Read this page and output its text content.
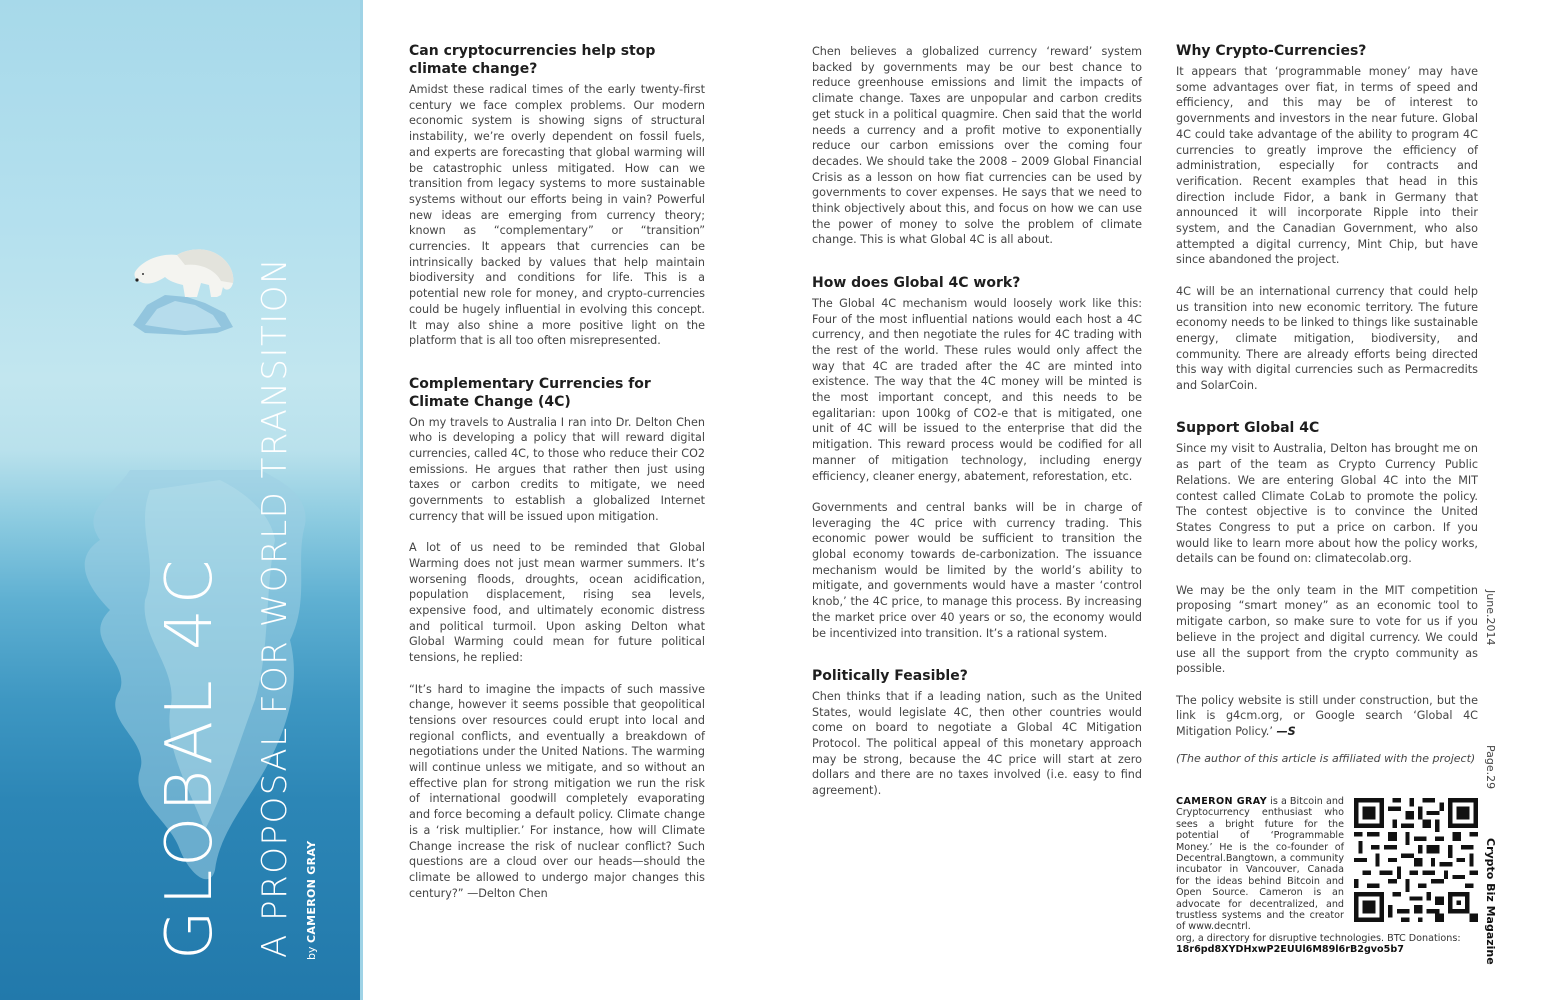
GLOBAL 4C A PROPOSAL FOR WORLD TRANSITION by CAMERON GRAY
Can cryptocurrencies help stop climate change?

Amidst these radical times of the early twenty-first century we face complex problems. Our modern economic system is showing signs of structural instability, we’re overly dependent on fossil fuels, and experts are forecasting that global warming will be catastrophic unless mitigated. How can we transition from legacy systems to more sustainable systems without our efforts being in vain? Powerful new ideas are emerging from currency theory; known as “complementary” or “transition” currencies. It appears that currencies can be intrinsically backed by values that help maintain biodiversity and conditions for life. This is a potential new role for money, and crypto-currencies could be hugely influential in evolving this concept. It may also shine a more positive light on the platform that is all too often misrepresented.

Complementary Currencies for Climate Change (4C)

On my travels to Australia I ran into Dr. Delton Chen who is developing a policy that will reward digital currencies, called 4C, to those who reduce their CO2 emissions. He argues that rather then just using taxes or carbon credits to mitigate, we need governments to establish a globalized Internet currency that will be issued upon mitigation.

A lot of us need to be reminded that Global Warming does not just mean warmer summers. It’s worsening floods, droughts, ocean acidification, population displacement, rising sea levels, expensive food, and ultimately economic distress and political turmoil. Upon asking Delton what Global Warming could mean for future political tensions, he replied:

“It’s hard to imagine the impacts of such massive change, however it seems possible that geopolitical tensions over resources could erupt into local and regional conflicts, and eventually a breakdown of negotiations under the United Nations. The warming will continue unless we mitigate, and so without an effective plan for strong mitigation we run the risk of international goodwill completely evaporating and force becoming a default policy. Climate change is a ‘risk multiplier.’ For instance, how will Climate Change increase the risk of nuclear conflict? Such questions are a cloud over our heads—should the climate be allowed to undergo major changes this century?” —Delton Chen

Chen believes a globalized currency ‘reward’ system backed by governments may be our best chance to reduce greenhouse emissions and limit the impacts of climate change. Taxes are unpopular and carbon credits get stuck in a political quagmire. Chen said that the world needs a currency and a profit motive to exponentially reduce our carbon emissions over the coming four decades. We should take the 2008 – 2009 Global Financial Crisis as a lesson on how fiat currencies can be used by governments to cover expenses. He says that we need to think objectively about this, and focus on how we can use the power of money to solve the problem of climate change. This is what Global 4C is all about.

How does Global 4C work?

The Global 4C mechanism would loosely work like this: Four of the most influential nations would each host a 4C currency, and then negotiate the rules for 4C trading with the rest of the world. These rules would only affect the way that 4C are traded after the 4C are minted into existence. The way that the 4C money will be minted is the most important concept, and this needs to be egalitarian: upon 100kg of CO2-e that is mitigated, one unit of 4C will be issued to the enterprise that did the mitigation. This reward process would be codified for all manner of mitigation technology, including energy efficiency, cleaner energy, abatement, reforestation, etc.

Governments and central banks will be in charge of leveraging the 4C price with currency trading. This economic power would be sufficient to transition the global economy towards de-carbonization. The issuance mechanism would be limited by the world’s ability to mitigate, and governments would have a master ‘control knob,’ the 4C price, to manage this process. By increasing the market price over 40 years or so, the economy would be incentivized into transition. It’s a rational system.

Politically Feasible?

Chen thinks that if a leading nation, such as the United States, would legislate 4C, then other countries would come on board to negotiate a Global 4C Mitigation Protocol. The political appeal of this monetary approach may be strong, because the 4C price will start at zero dollars and there are no taxes involved (i.e. easy to find agreement).

Why Crypto-Currencies?

It appears that ‘programmable money’ may have some advantages over fiat, in terms of speed and efficiency, and this may be of interest to governments and investors in the near future. Global 4C could take advantage of the ability to program 4C currencies to greatly improve the efficiency of administration, especially for contracts and verification. Recent examples that head in this direction include Fidor, a bank in Germany that announced it will incorporate Ripple into their system, and the Canadian Government, who also attempted a digital currency, Mint Chip, but have since abandoned the project.

4C will be an international currency that could help us transition into new economic territory. The future economy needs to be linked to things like sustainable energy, climate mitigation, biodiversity, and community. There are already efforts being directed this way with digital currencies such as Permacredits and SolarCoin.

Support Global 4C

Since my visit to Australia, Delton has brought me on as part of the team as Crypto Currency Public Relations. We are entering Global 4C into the MIT contest called Climate CoLab to promote the policy. The contest objective is to convince the United States Congress to put a price on carbon. If you would like to learn more about how the policy works, details can be found on: climatecolab.org.

We may be the only team in the MIT competition proposing “smart money” as an economic tool to mitigate carbon, so make sure to vote for us if you believe in the project and digital currency. We could use all the support from the crypto community as possible.

The policy website is still under construction, but the link is g4cm.org, or Google search ‘Global 4C Mitigation Policy.’ —S

(The author of this article is affiliated with the project)

CAMERON GRAY is a Bitcoin and Cryptocurrency enthusiast who sees a bright future for the potential of ‘Programmable Money.’ He is the co-founder of Decentral.Bangtown, a community incubator in Vancouver, Canada for the ideas behind Bitcoin and Open Source. Cameron is an advocate for decentralized, and trustless systems and the creator of www.decntrl.
org, a directory for disruptive technologies. BTC Donations:
18r6pd8XYDHxwP2EUUl6M89l6rB2gvo5b7
June.2014
Page.29
Crypto Biz Magazine
